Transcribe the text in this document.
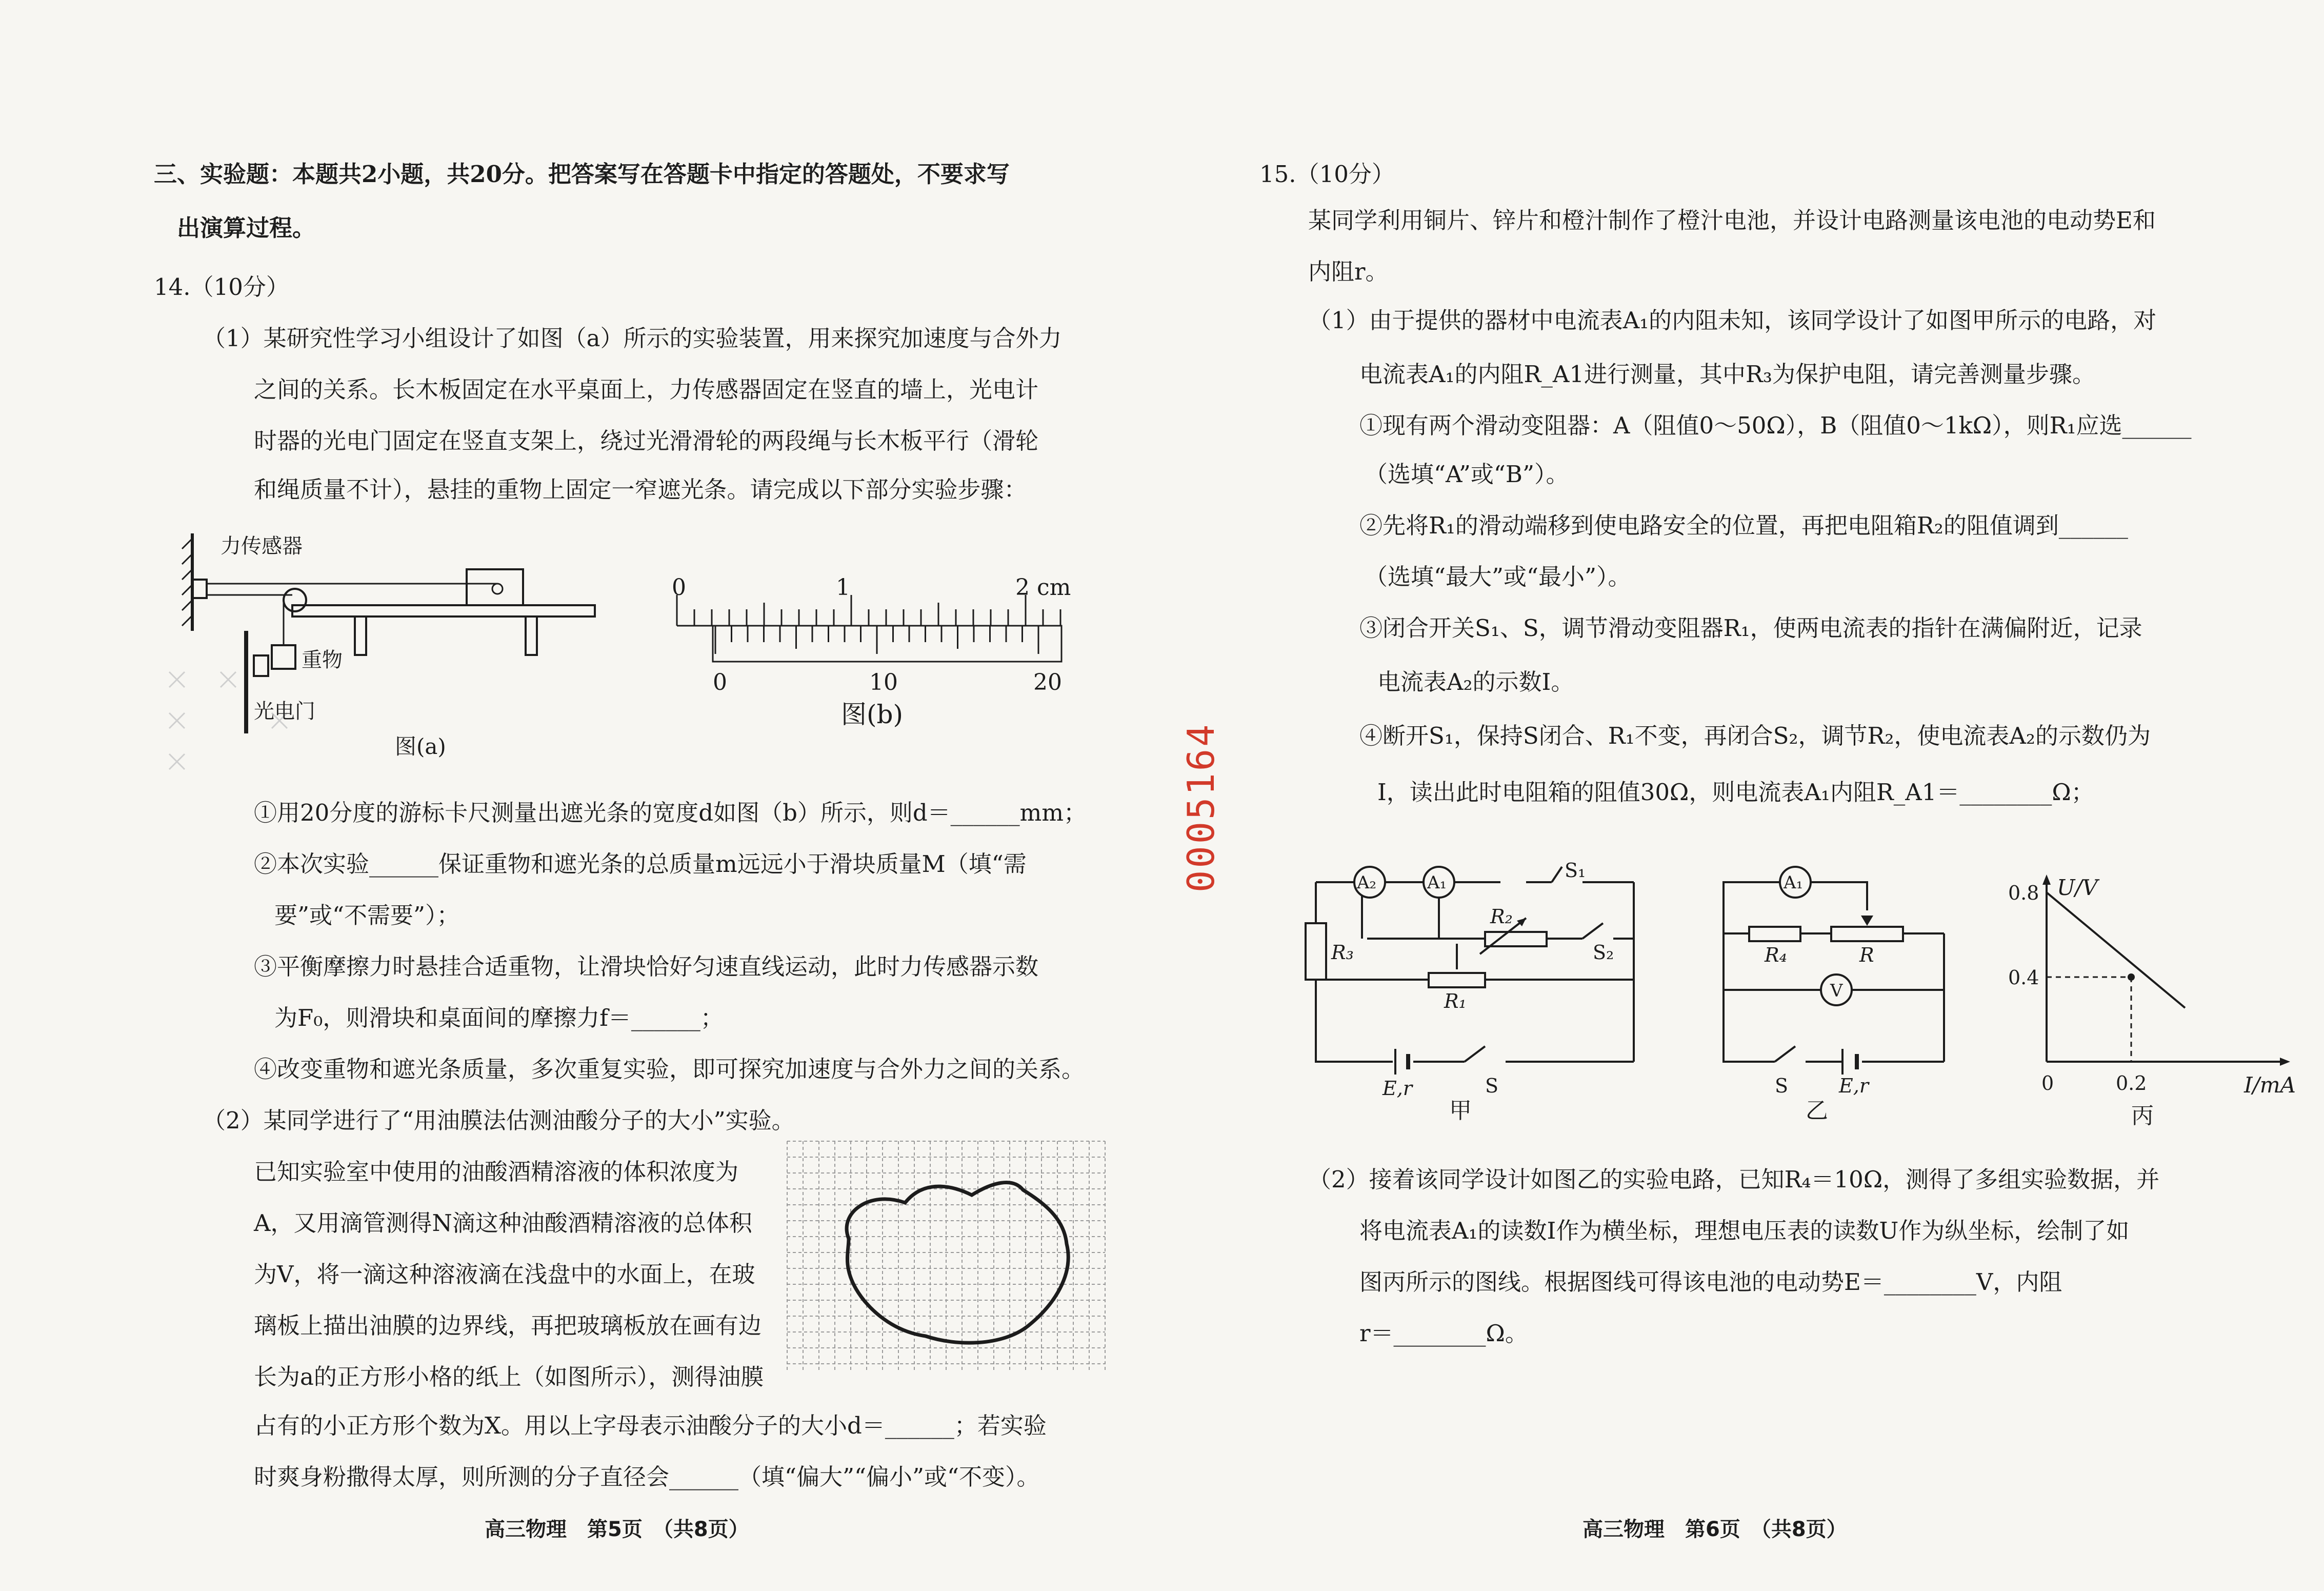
三、实验题：本题共2小题，共20分。把答案写在答题卡中指定的答题处，不要求写
出演算过程。
14.（10分）
（1）某研究性学习小组设计了如图（a）所示的实验装置，用来探究加速度与合外力
之间的关系。长木板固定在水平桌面上，力传感器固定在竖直的墙上，光电计
时器的光电门固定在竖直支架上，绕过光滑滑轮的两段绳与长木板平行（滑轮
和绳质量不计），悬挂的重物上固定一窄遮光条。请完成以下部分实验步骤：
力传感器
重物
光电门
图(a)
0	1	2 cm
0	10	20
图(b)
①用20分度的游标卡尺测量出遮光条的宽度d如图（b）所示，则d＝______mm；
②本次实验______保证重物和遮光条的总质量m远远小于滑块质量M（填“需
要”或“不需要”）；
③平衡摩擦力时悬挂合适重物，让滑块恰好匀速直线运动，此时力传感器示数
为F₀，则滑块和桌面间的摩擦力f＝______；
④改变重物和遮光条质量，多次重复实验，即可探究加速度与合外力之间的关系。
（2）某同学进行了“用油膜法估测油酸分子的大小”实验。
已知实验室中使用的油酸酒精溶液的体积浓度为
A，又用滴管测得N滴这种油酸酒精溶液的总体积
为V，将一滴这种溶液滴在浅盘中的水面上，在玻
璃板上描出油膜的边界线，再把玻璃板放在画有边
长为a的正方形小格的纸上（如图所示），测得油膜
占有的小正方形个数为X。用以上字母表示油酸分子的大小d＝______；若实验
时爽身粉撒得太厚，则所测的分子直径会______（填“偏大”“偏小”或“不变）。
高三物理　第5页　（共8页）
0005164
15.（10分）
某同学利用铜片、锌片和橙汁制作了橙汁电池，并设计电路测量该电池的电动势E和
内阻r。
（1）由于提供的器材中电流表A₁的内阻未知，该同学设计了如图甲所示的电路，对
电流表A₁的内阻R_A1进行测量，其中R₃为保护电阻，请完善测量步骤。
①现有两个滑动变阻器：A（阻值0～50Ω），B（阻值0～1kΩ），则R₁应选______
（选填“A”或“B”）。
②先将R₁的滑动端移到使电路安全的位置，再把电阻箱R₂的阻值调到______
（选填“最大”或“最小”）。
③闭合开关S₁、S，调节滑动变阻器R₁，使两电流表的指针在满偏附近，记录
电流表A₂的示数I。
④断开S₁，保持S闭合、R₁不变，再闭合S₂，调节R₂，使电流表A₂的示数仍为
I，读出此时电阻箱的阻值30Ω，则电流表A₁内阻R_A1＝________Ω；
A₂	A₁
R₃
R₂
S₁
S₂
R₁
E,r	S
甲
A₁
V
R₄	R
S	E,r
乙
U/V
I/mA
0.8
0.4
0	0.2
丙
（2）接着该同学设计如图乙的实验电路，已知R₄＝10Ω，测得了多组实验数据，并
将电流表A₁的读数I作为横坐标，理想电压表的读数U作为纵坐标，绘制了如
图丙所示的图线。根据图线可得该电池的电动势E＝________V，内阻
r＝________Ω。
高三物理　第6页　（共8页）
